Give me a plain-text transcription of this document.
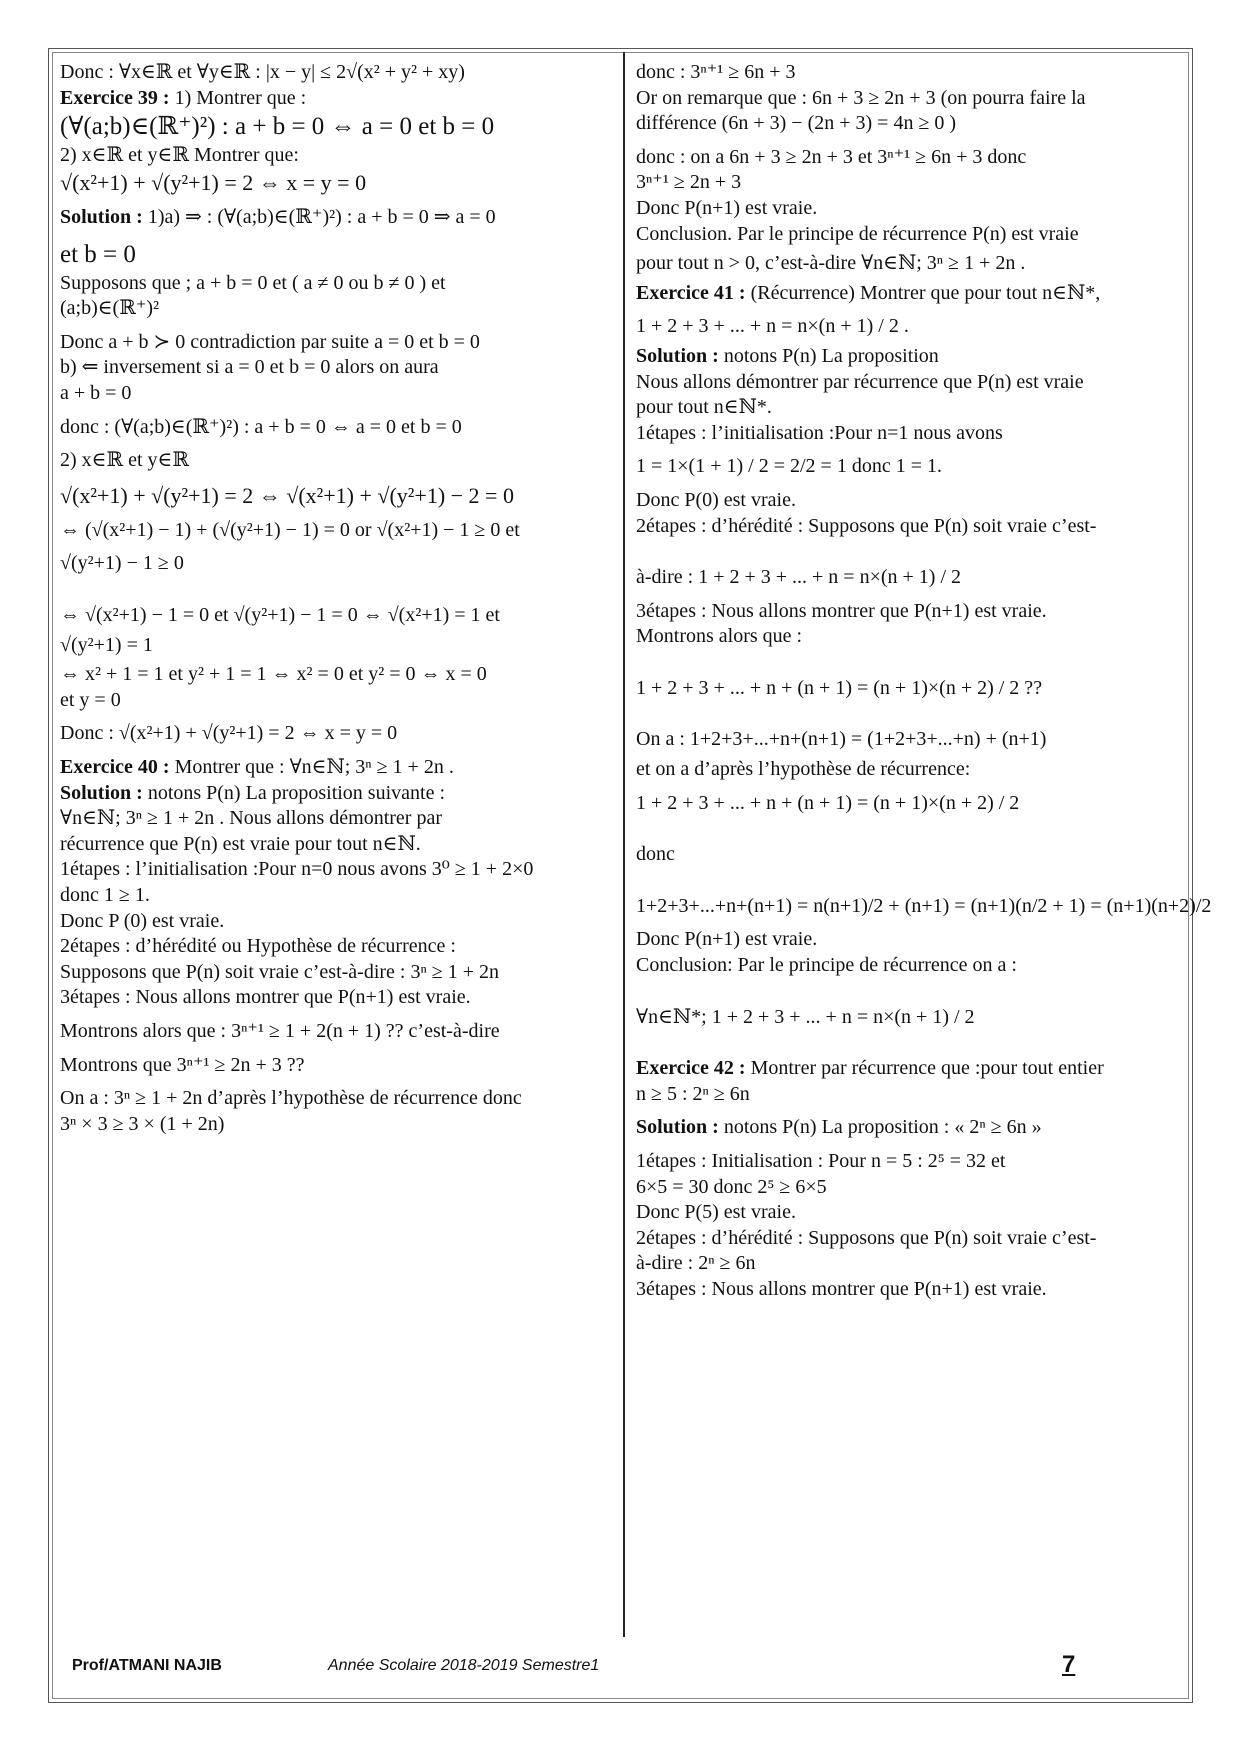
Donc : ∀x∈ℝ et ∀y∈ℝ : |x − y| ≤ 2√(x² + y² + xy)
Exercice 39 : 1) Montrer que :
(∀(a;b)∈(ℝ⁺)²) : a + b = 0 ⇔ a = 0 et b = 0
2) x∈ℝ et y∈ℝ Montrer que:
√(x²+1) + √(y²+1) = 2 ⇔ x = y = 0
Solution : 1)a) ⇒ : (∀(a;b)∈(ℝ⁺)²) : a + b = 0 ⇒ a = 0
et b = 0
Supposons que ; a + b = 0 et ( a ≠ 0 ou b ≠ 0 ) et
(a;b)∈(ℝ⁺)²
Donc a + b ≻ 0 contradiction par suite a = 0 et b = 0
b) ⇐ inversement si a = 0 et b = 0 alors on aura
a + b = 0
donc : (∀(a;b)∈(ℝ⁺)²) : a + b = 0 ⇔ a = 0 et b = 0
2) x∈ℝ et y∈ℝ
√(x²+1) + √(y²+1) = 2 ⇔ √(x²+1) + √(y²+1) − 2 = 0
⇔ (√(x²+1) − 1) + (√(y²+1) − 1) = 0 or √(x²+1) − 1 ≥ 0 et
√(y²+1) − 1 ≥ 0
⇔ √(x²+1) − 1 = 0 et √(y²+1) − 1 = 0 ⇔ √(x²+1) = 1 et
√(y²+1) = 1
⇔ x² + 1 = 1 et y² + 1 = 1 ⇔ x² = 0 et y² = 0 ⇔ x = 0
et y = 0
Donc : √(x²+1) + √(y²+1) = 2 ⇔ x = y = 0
Exercice 40 : Montrer que : ∀n∈ℕ; 3ⁿ ≥ 1 + 2n .
Solution : notons P(n) La proposition suivante :
∀n∈ℕ; 3ⁿ ≥ 1 + 2n . Nous allons démontrer par
récurrence que P(n) est vraie pour tout n∈ℕ.
1étapes : l’initialisation :Pour n=0 nous avons 3⁰ ≥ 1 + 2×0
donc 1 ≥ 1.
Donc P (0) est vraie.
2étapes : d’hérédité ou Hypothèse de récurrence :
Supposons que P(n) soit vraie c’est-à-dire : 3ⁿ ≥ 1 + 2n
3étapes : Nous allons montrer que P(n+1) est vraie.
Montrons alors que : 3ⁿ⁺¹ ≥ 1 + 2(n + 1) ?? c’est-à-dire
Montrons que 3ⁿ⁺¹ ≥ 2n + 3 ??
On a : 3ⁿ ≥ 1 + 2n d’après l’hypothèse de récurrence donc
3ⁿ × 3 ≥ 3 × (1 + 2n)
donc : 3ⁿ⁺¹ ≥ 6n + 3
Or on remarque que : 6n + 3 ≥ 2n + 3 (on pourra faire la
différence (6n + 3) − (2n + 3) = 4n ≥ 0 )
donc : on a 6n + 3 ≥ 2n + 3 et 3ⁿ⁺¹ ≥ 6n + 3 donc
3ⁿ⁺¹ ≥ 2n + 3
Donc P(n+1) est vraie.
Conclusion. Par le principe de récurrence P(n) est vraie
pour tout n > 0, c’est-à-dire ∀n∈ℕ; 3ⁿ ≥ 1 + 2n .
Exercice 41 : (Récurrence) Montrer que pour tout n∈ℕ*,
1 + 2 + 3 + ... + n = n×(n + 1) / 2 .
Solution : notons P(n) La proposition
Nous allons démontrer par récurrence que P(n) est vraie
pour tout n∈ℕ*.
1étapes : l’initialisation :Pour n=1 nous avons
1 = 1×(1 + 1) / 2 = 2/2 = 1 donc 1 = 1.
Donc P(0) est vraie.
2étapes : d’hérédité : Supposons que P(n) soit vraie c’est-
à-dire : 1 + 2 + 3 + ... + n = n×(n + 1) / 2
3étapes : Nous allons montrer que P(n+1) est vraie.
Montrons alors que :
1 + 2 + 3 + ... + n + (n + 1) = (n + 1)×(n + 2) / 2 ??
On a : 1+2+3+...+n+(n+1) = (1+2+3+...+n) + (n+1)
et on a d’après l’hypothèse de récurrence:
1 + 2 + 3 + ... + n + (n + 1) = (n + 1)×(n + 2) / 2
donc
1+2+3+...+n+(n+1) = n(n+1)/2 + (n+1) = (n+1)(n/2 + 1) = (n+1)(n+2)/2
Donc P(n+1) est vraie.
Conclusion: Par le principe de récurrence on a :
∀n∈ℕ*; 1 + 2 + 3 + ... + n = n×(n + 1) / 2
Exercice 42 : Montrer par récurrence que :pour tout entier
n ≥ 5 : 2ⁿ ≥ 6n
Solution : notons P(n) La proposition : « 2ⁿ ≥ 6n »
1étapes : Initialisation : Pour n = 5 : 2⁵ = 32 et
6×5 = 30 donc 2⁵ ≥ 6×5
Donc P(5) est vraie.
2étapes : d’hérédité : Supposons que P(n) soit vraie c’est-
à-dire : 2ⁿ ≥ 6n
3étapes : Nous allons montrer que P(n+1) est vraie.
Prof/ATMANI NAJIB	Année Scolaire 2018-2019 Semestre1	7
